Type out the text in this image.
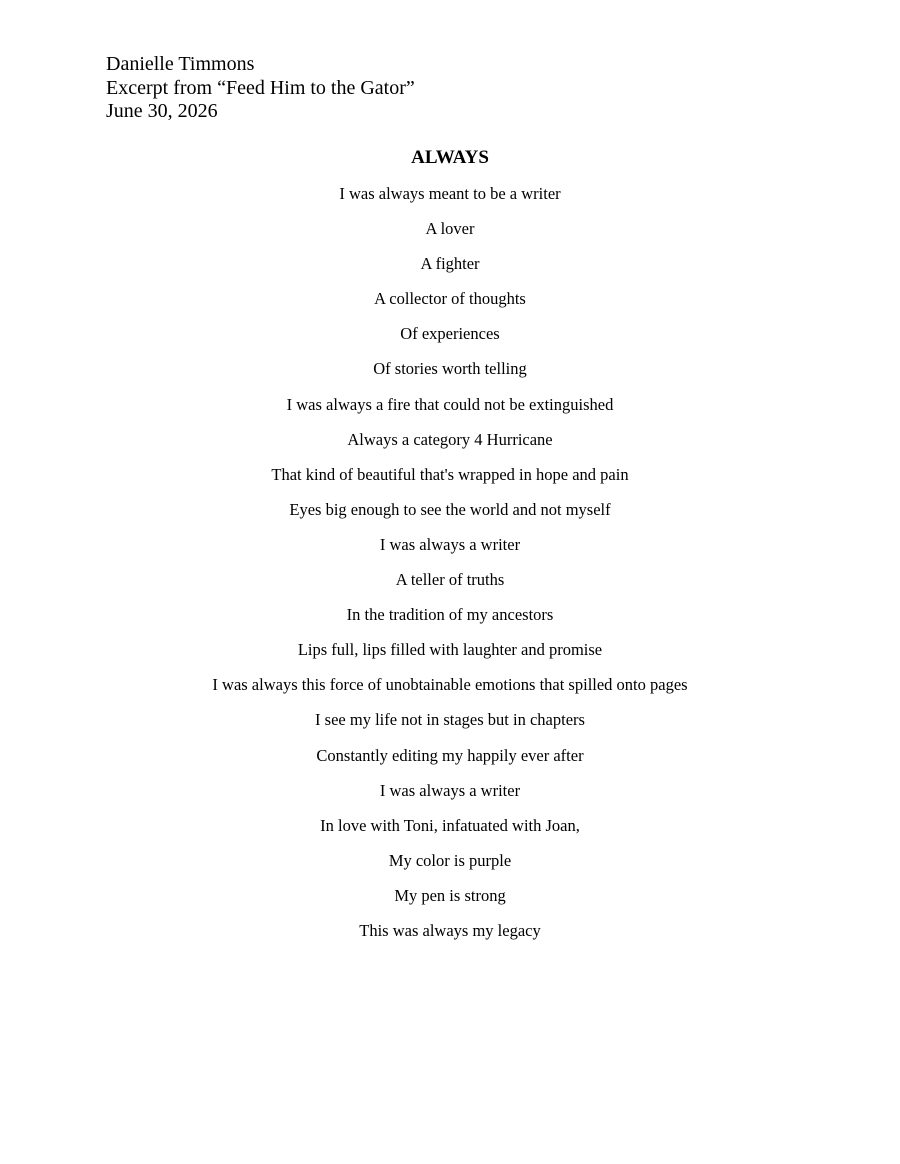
Danielle Timmons
Excerpt from “Feed Him to the Gator”
June 30, 2026
ALWAYS
I was always meant to be a writer
A lover
A fighter
A collector of thoughts
Of experiences
Of stories worth telling
I was always a fire that could not be extinguished
Always a category 4 Hurricane
That kind of beautiful that's wrapped in hope and pain
Eyes big enough to see the world and not myself
I was always a writer
A teller of truths
In the tradition of my ancestors
Lips full, lips filled with laughter and promise
I was always this force of unobtainable emotions that spilled onto pages
I see my life not in stages but in chapters
Constantly editing my happily ever after
I was always a writer
In love with Toni, infatuated with Joan,
My color is purple
My pen is strong
This was always my legacy
